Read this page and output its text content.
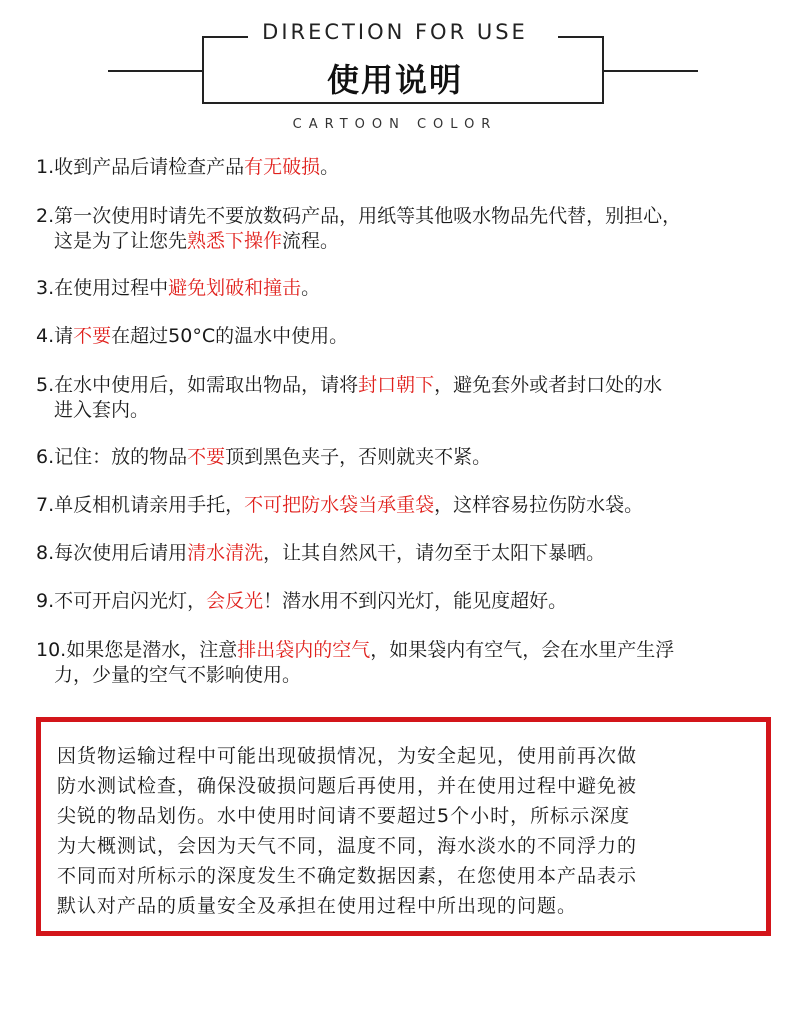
DIRECTION FOR USE
使用说明
CARTOON COLOR
1.收到产品后请检查产品有无破损。
2.第一次使用时请先不要放数码产品，用纸等其他吸水物品先代替，别担心，
这是为了让您先熟悉下操作流程。
3.在使用过程中避免划破和撞击。
4.请不要在超过50°C的温水中使用。
5.在水中使用后，如需取出物品，请将封口朝下，避免套外或者封口处的水
进入套内。
6.记住：放的物品不要顶到黑色夹子，否则就夹不紧。
7.单反相机请亲用手托，不可把防水袋当承重袋，这样容易拉伤防水袋。
8.每次使用后请用清水清洗，让其自然风干，请勿至于太阳下暴晒。
9.不可开启闪光灯，会反光！潜水用不到闪光灯，能见度超好。
10.如果您是潜水，注意排出袋内的空气，如果袋内有空气，会在水里产生浮
力，少量的空气不影响使用。
因货物运输过程中可能出现破损情况，为安全起见，使用前再次做
防水测试检查，确保没破损问题后再使用，并在使用过程中避免被
尖锐的物品划伤。水中使用时间请不要超过5个小时，所标示深度
为大概测试，会因为天气不同，温度不同，海水淡水的不同浮力的
不同而对所标示的深度发生不确定数据因素，在您使用本产品表示
默认对产品的质量安全及承担在使用过程中所出现的问题。
